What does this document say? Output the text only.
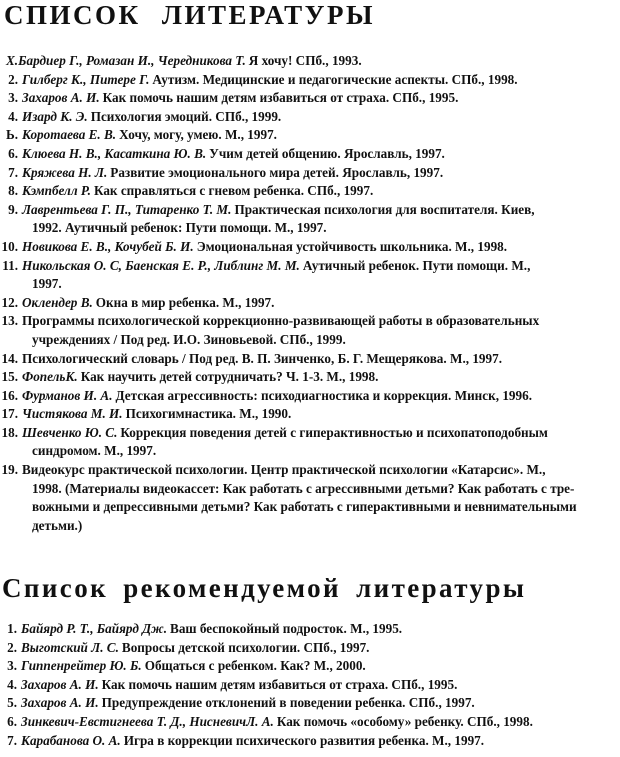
СПИСОК ЛИТЕРАТУРЫ
Х.Бардиер Г., Ромазан И., Чередникова Т. Я хочу! СПб., 1993.
2. Гилберг К., Питере Г. Аутизм. Медицинские и педагогические аспекты. СПб., 1998.
3. Захаров А. И. Как помочь нашим детям избавиться от страха. СПб., 1995.
4. Изард К. Э. Психология эмоций. СПб., 1999.
Ь. Коротаева Е. В. Хочу, могу, умею. М., 1997.
6. Клюева Н. В., Касаткина Ю. В. Учим детей общению. Ярославль, 1997.
7. Кряжева Н. Л. Развитие эмоционального мира детей. Ярославль, 1997.
8. Кэмпбелл Р. Как справляться с гневом ребенка. СПб., 1997.
9. Лаврентьева Г. П., Титаренко Т. М. Практическая психология для воспитателя. Киев,
1992. Аутичный ребенок: Пути помощи. М., 1997.
10. Новикова Е. В., Кочубей Б. И. Эмоциональная устойчивость школьника. М., 1998.
11. Никольская О. С, Баенская Е. Р., Либлинг М. М. Аутичный ребенок. Пути помощи. М.,
1997.
12. Оклендер В. Окна в мир ребенка. М., 1997.
13. Программы психологической коррекционно-развивающей работы в образовательных
учреждениях / Под ред. И.О. Зиновьевой. СПб., 1999.
14. Психологический словарь / Под ред. В. П. Зинченко, Б. Г. Мещерякова. М., 1997.
15. ФопельК. Как научить детей сотрудничать? Ч. 1-3. М., 1998.
16. Фурманов И. А. Детская агрессивность: психодиагностика и коррекция. Минск, 1996.
17. Чистякова М. И. Психогимнастика. М., 1990.
18. Шевченко Ю. С. Коррекция поведения детей с гиперактивностью и психопатоподобным
синдромом. М., 1997.
19. Видеокурс практической психологии. Центр практической психологии «Катарсис». М.,
1998. (Материалы видеокассет: Как работать с агрессивными детьми? Как работать с тре-
вожными и депрессивными детьми? Как работать с гиперактивными и невнимательными
детьми.)
Список рекомендуемой литературы
1. Байярд Р. Т., Байярд Дж. Ваш беспокойный подросток. М., 1995.
2. Выготский Л. С. Вопросы детской психологии. СПб., 1997.
3. Гиппенрейтер Ю. Б. Общаться с ребенком. Как? М., 2000.
4. Захаров А. И. Как помочь нашим детям избавиться от страха. СПб., 1995.
5. Захаров А. И. Предупреждение отклонений в поведении ребенка. СПб., 1997.
6. Зинкевич-Евстигнеева Т. Д., НисневичЛ. А. Как помочь «особому» ребенку. СПб., 1998.
7. Карабанова О. А. Игра в коррекции психического развития ребенка. М., 1997.
